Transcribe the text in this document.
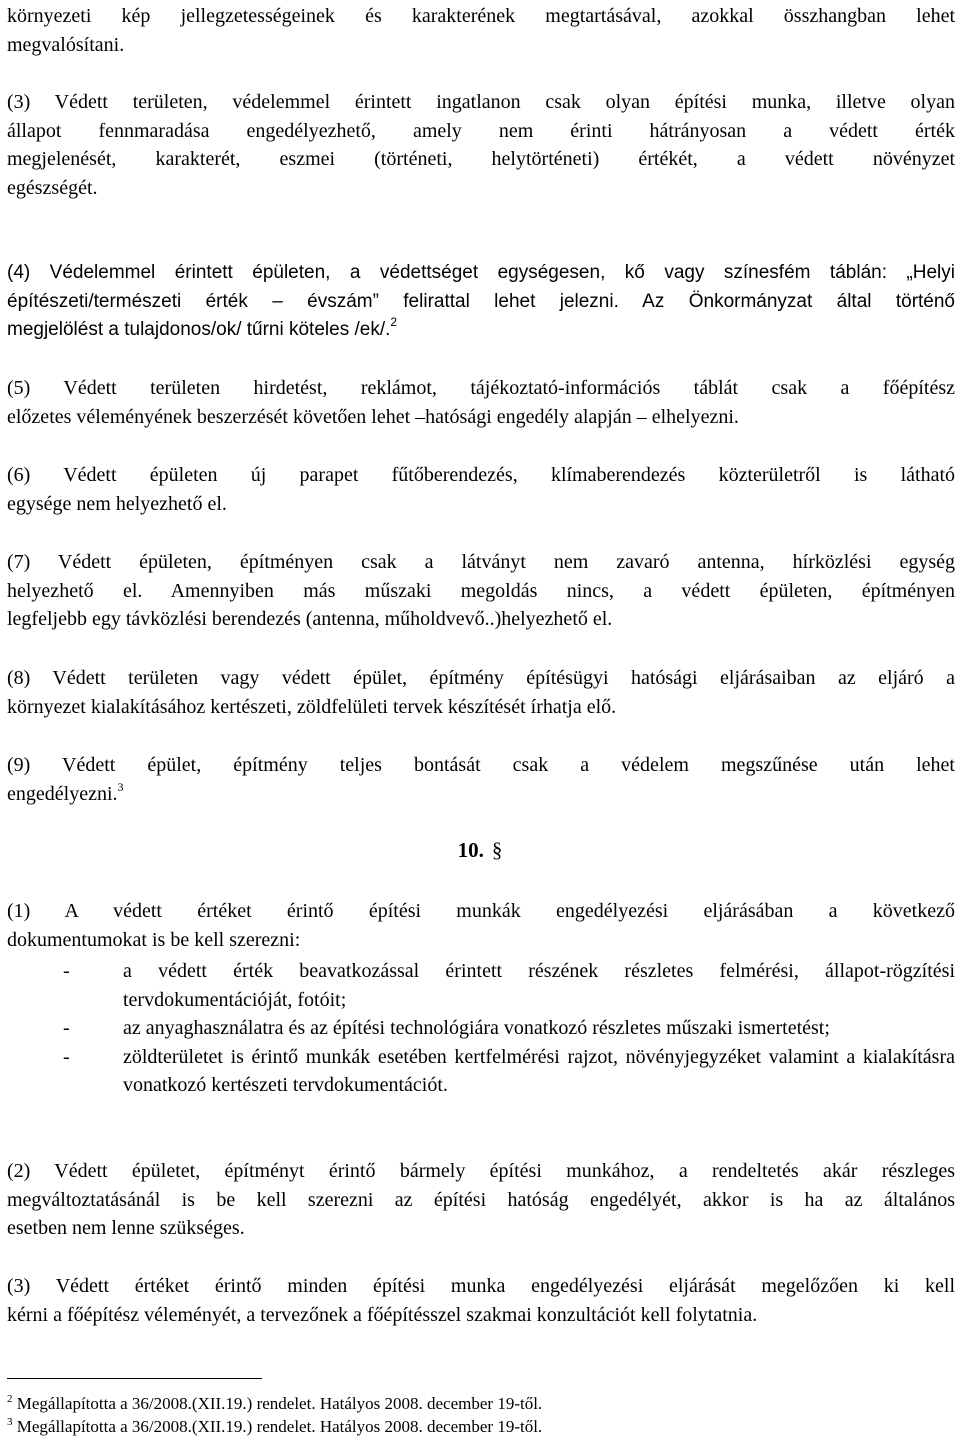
környezeti kép jellegzetességeinek és karakterének megtartásával, azokkal összhangban lehet
megvalósítani.

(3) Védett területen, védelemmel érintett ingatlanon csak olyan építési munka, illetve olyan
állapot fennmaradása engedélyezhető, amely nem érinti hátrányosan a védett érték
megjelenését, karakterét, eszmei (történeti, helytörténeti) értékét, a védett növényzet
egészségét.

(4) Védelemmel érintett épületen, a védettséget egységesen, kő vagy színesfém táblán: „Helyi
építészeti/természeti érték – évszám” felirattal lehet jelezni. Az Önkormányzat által történő
megjelölést a tulajdonos/ok/ tűrni köteles /ek/.$^2$

(5) Védett területen hirdetést, reklámot, tájékoztató-információs táblát csak a főépítész
előzetes véleményének beszerzését követően lehet –hatósági engedély alapján – elhelyezni.

(6) Védett épületen új parapet fűtőberendezés, klímaberendezés közterületről is látható
egysége nem helyezhető el.

(7) Védett épületen, építményen csak a látványt nem zavaró antenna, hírközlési egység
helyezhető el. Amennyiben más műszaki megoldás nincs, a védett épületen, építményen
legfeljebb egy távközlési berendezés (antenna, műholdvevő..)helyezhető el.

(8) Védett területen vagy védett épület, építmény építésügyi hatósági eljárásaiban az eljáró a
környezet kialakításához kertészeti, zöldfelületi tervek készítését írhatja elő.

(9) Védett épület, építmény teljes bontását csak a védelem megszűnése után lehet
engedélyezni.$^3$

10. §

(1) A védett értéket érintő építési munkák engedélyezési eljárásában a következő
dokumentumokat is be kell szerezni:

-	a védett érték beavatkozással érintett részének részletes felmérési, állapot-rögzítési tervdokumentációját, fotóit;
-	az anyaghasználatra és az építési technológiára vonatkozó részletes műszaki ismertetést;
-	zöldterületet is érintő munkák esetében kertfelmérési rajzot, növényjegyzéket valamint a kialakításra vonatkozó kertészeti tervdokumentációt.

(2) Védett épületet, építményt érintő bármely építési munkához, a rendeltetés akár részleges
megváltoztatásánál is be kell szerezni az építési hatóság engedélyét, akkor is ha az általános
esetben nem lenne szükséges.

(3) Védett értéket érintő minden építési munka engedélyezési eljárását megelőzően ki kell
kérni a főépítész véleményét, a tervezőnek a főépítésszel szakmai konzultációt kell folytatnia.

$^2$ Megállapította a 36/2008.(XII.19.) rendelet. Hatályos 2008. december 19-től.

$^3$ Megállapította a 36/2008.(XII.19.) rendelet. Hatályos 2008. december 19-től.
